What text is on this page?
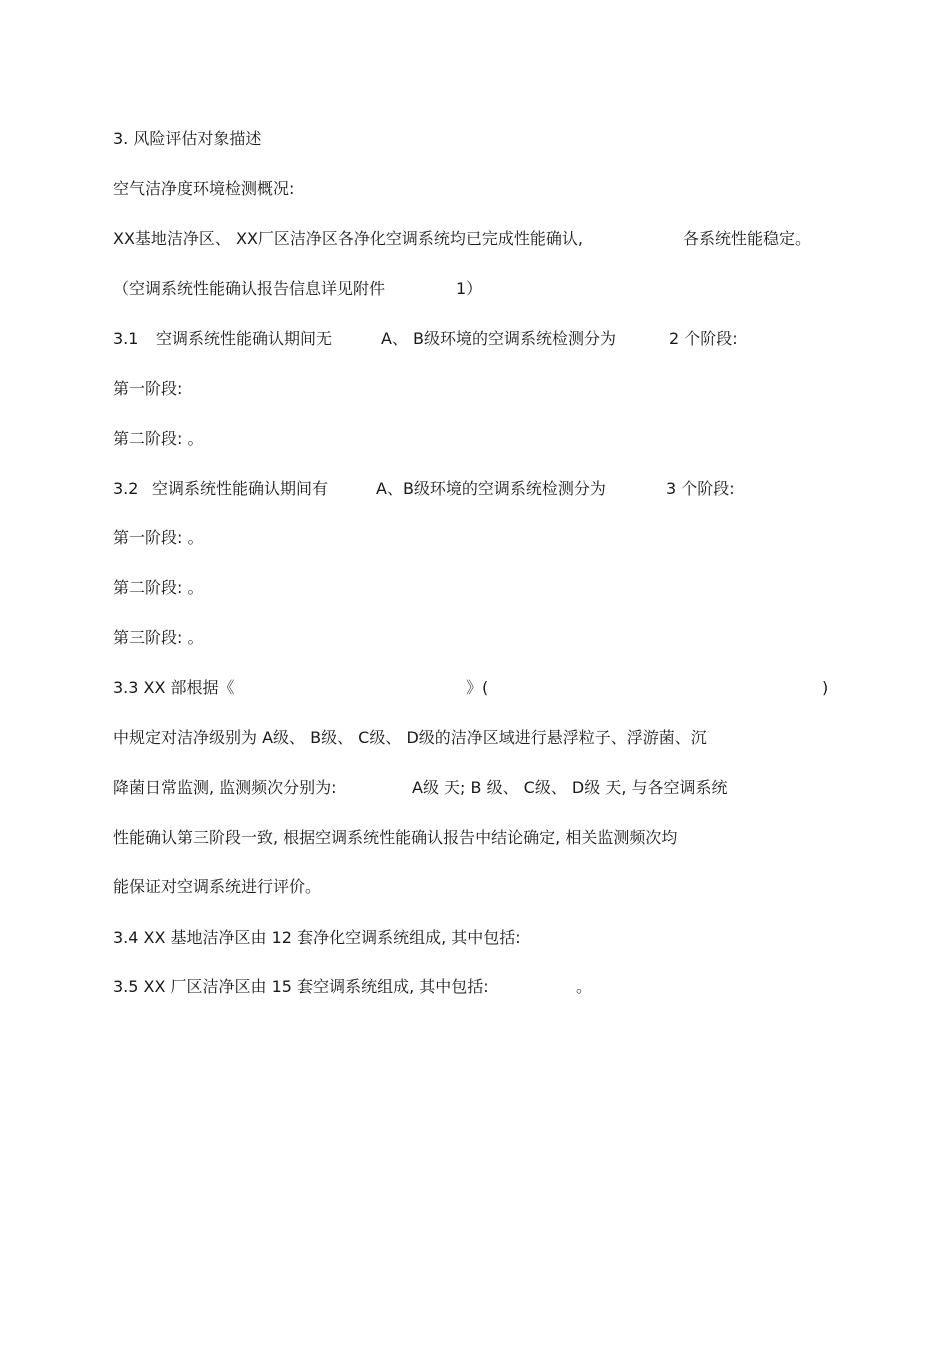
3. 风险评估对象描述
空气洁净度环境检测概况:
XX基地洁净区、 XX厂区洁净区各净化空调系统均已完成性能确认,	各系统性能稳定。
（空调系统性能确认报告信息详见附件	1）
3.1 空调系统性能确认期间无	A、 B级环境的空调系统检测分为	2 个阶段:
第一阶段:
第二阶段: 。
3.2 空调系统性能确认期间有	A、B级环境的空调系统检测分为	3 个阶段:
第一阶段: 。
第二阶段: 。
第三阶段: 。
3.3 XX 部根据《	》(	)
中规定对洁净级别为 A级、 B级、 C级、 D级的洁净区域进行悬浮粒子、浮游菌、沉
降菌日常监测, 监测频次分别为:	A级 天; B 级、 C级、 D级 天, 与各空调系统
性能确认第三阶段一致, 根据空调系统性能确认报告中结论确定, 相关监测频次均
能保证对空调系统进行评价。
3.4 XX 基地洁净区由 12 套净化空调系统组成, 其中包括:
3.5 XX 厂区洁净区由 15 套空调系统组成, 其中包括:	。
